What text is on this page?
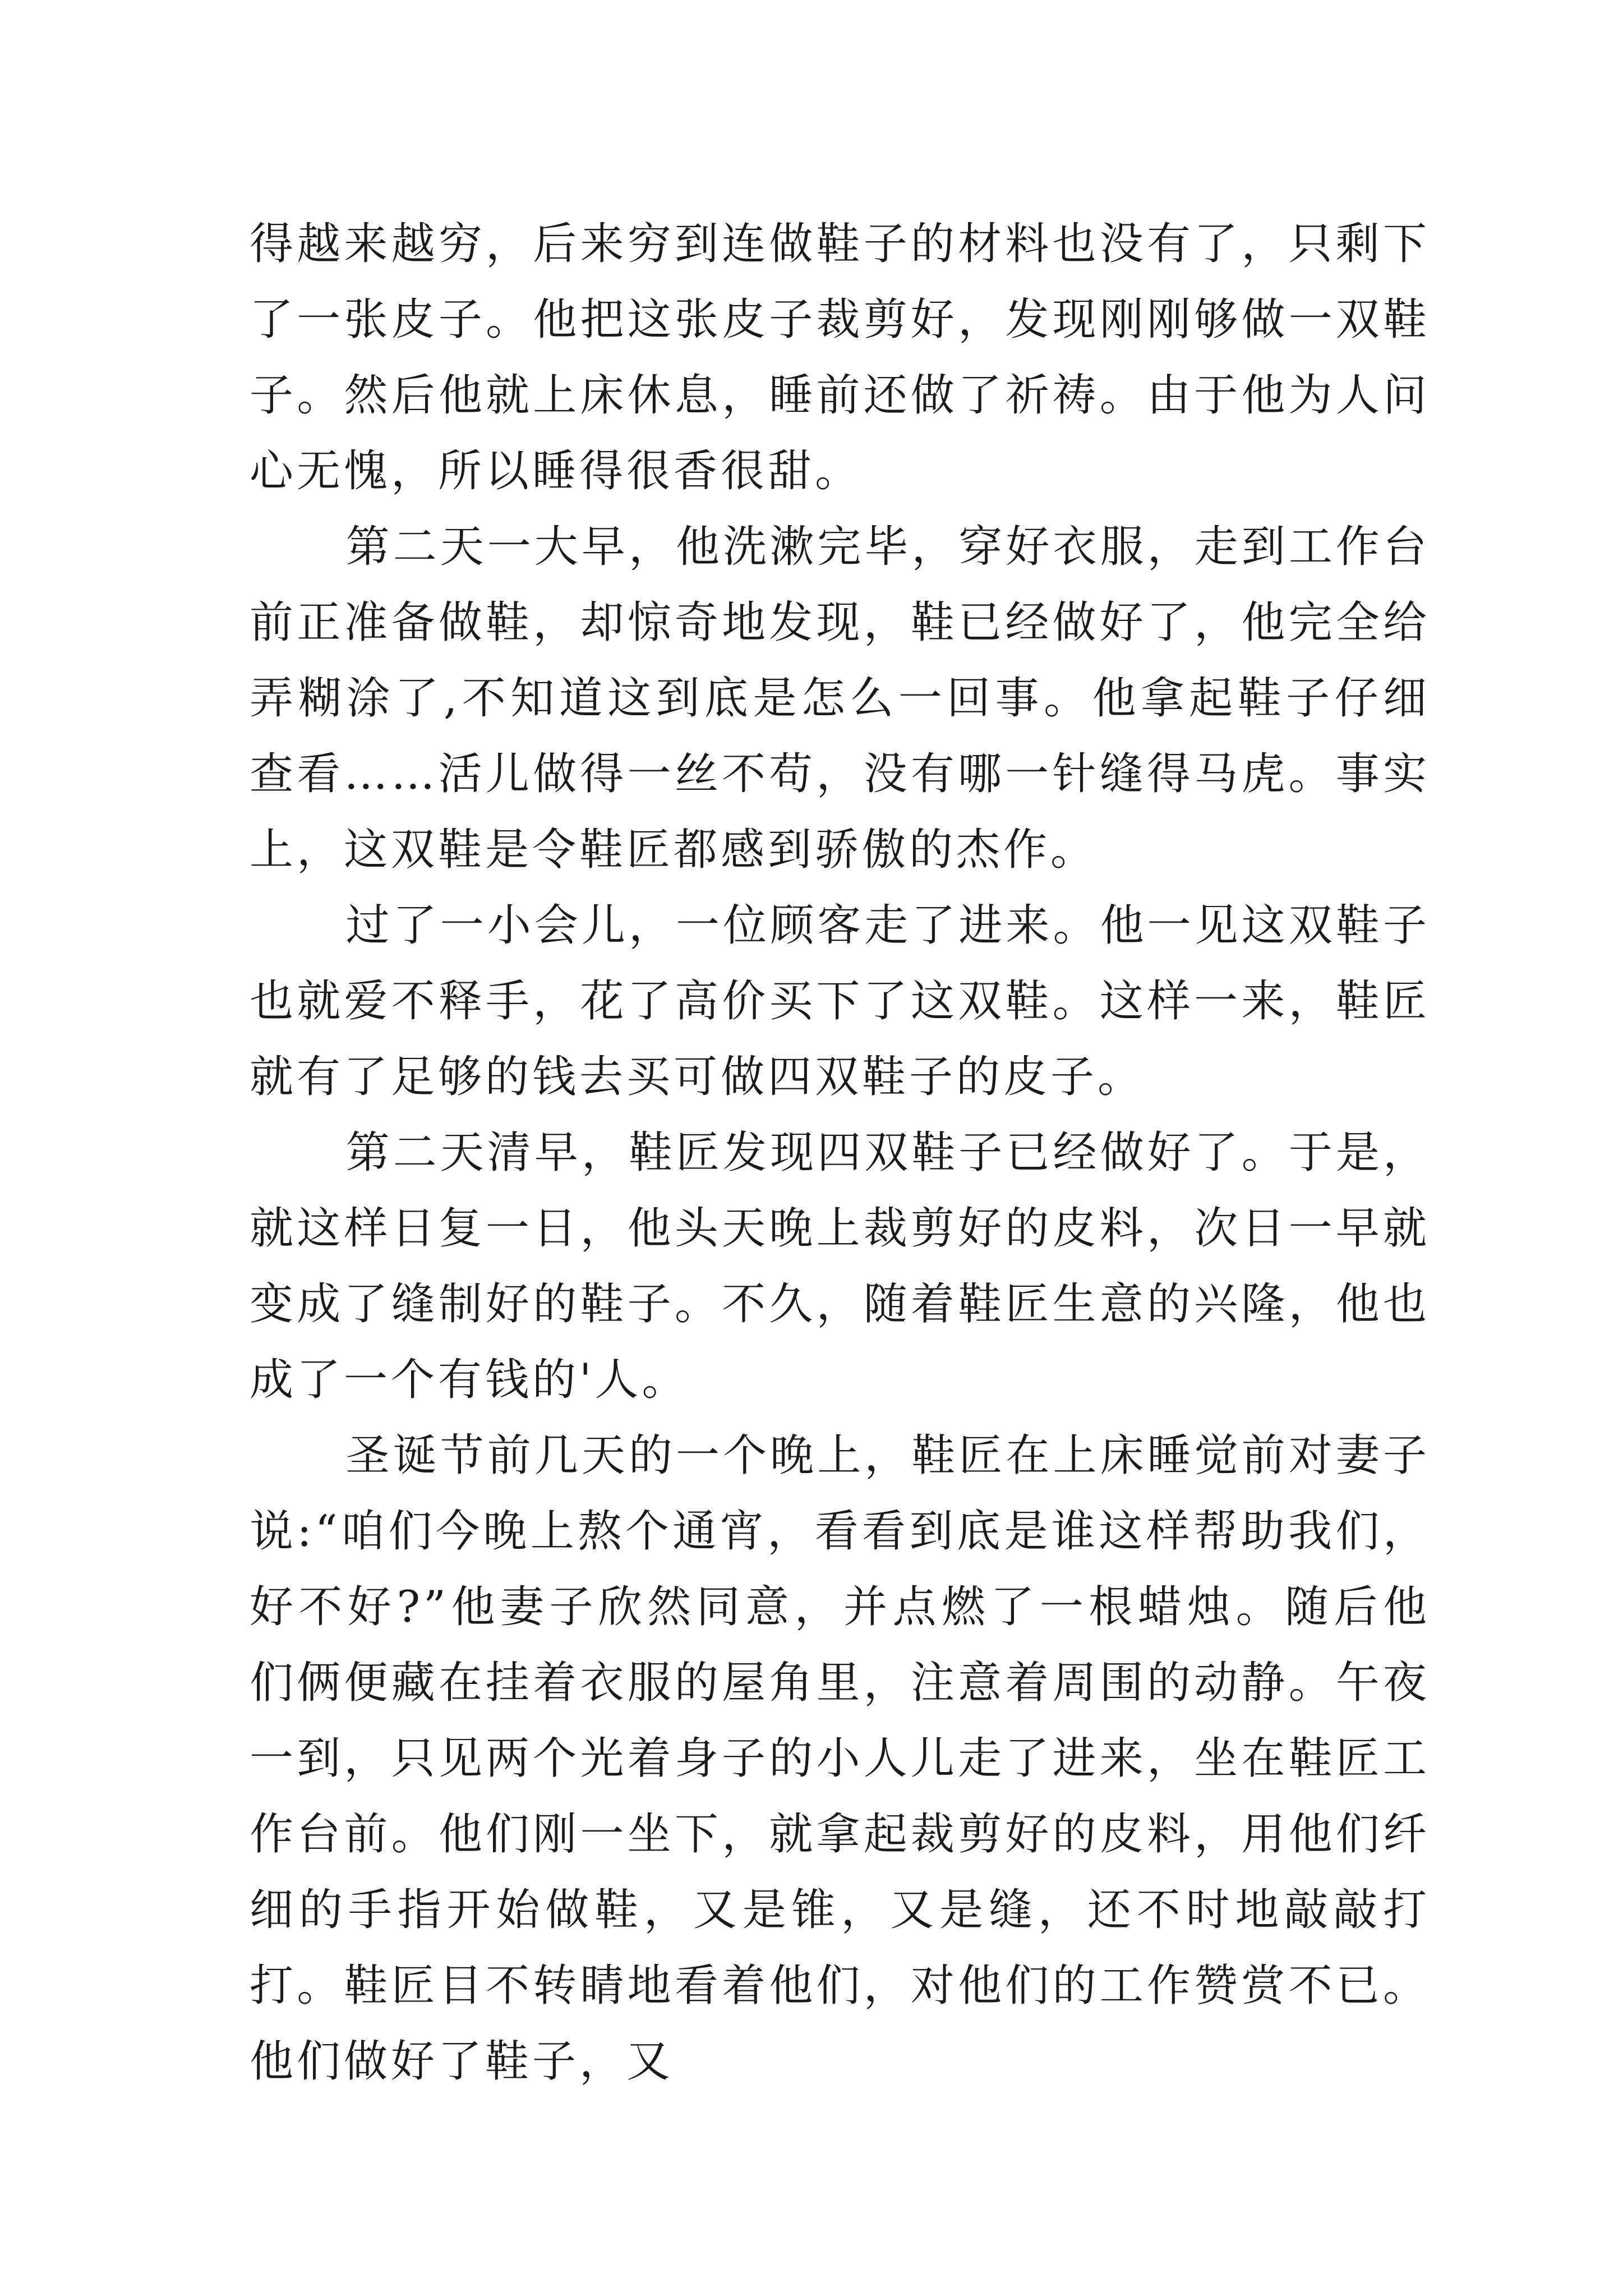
得越来越穷，后来穷到连做鞋子的材料也没有了，只剩下了一张皮子。他把这张皮子裁剪好，发现刚刚够做一双鞋子。然后他就上床休息，睡前还做了祈祷。由于他为人问心无愧，所以睡得很香很甜。

第二天一大早，他洗漱完毕，穿好衣服，走到工作台前正准备做鞋，却惊奇地发现，鞋已经做好了，他完全给弄糊涂了,不知道这到底是怎么一回事。他拿起鞋子仔细查看……活儿做得一丝不苟，没有哪一针缝得马虎。事实上，这双鞋是令鞋匠都感到骄傲的杰作。

过了一小会儿，一位顾客走了进来。他一见这双鞋子也就爱不释手，花了高价买下了这双鞋。这样一来，鞋匠就有了足够的钱去买可做四双鞋子的皮子。

第二天清早，鞋匠发现四双鞋子已经做好了。于是，就这样日复一日，他头天晚上裁剪好的皮料，次日一早就变成了缝制好的鞋子。不久，随着鞋匠生意的兴隆，他也成了一个有钱的'人。

圣诞节前几天的一个晚上，鞋匠在上床睡觉前对妻子说:“咱们今晚上熬个通宵，看看到底是谁这样帮助我们，好不好?”他妻子欣然同意，并点燃了一根蜡烛。随后他们俩便藏在挂着衣服的屋角里，注意着周围的动静。午夜一到，只见两个光着身子的小人儿走了进来，坐在鞋匠工作台前。他们刚一坐下，就拿起裁剪好的皮料，用他们纤细的手指开始做鞋，又是锥，又是缝，还不时地敲敲打打。鞋匠目不转睛地看着他们，对他们的工作赞赏不已。他们做好了鞋子，又
